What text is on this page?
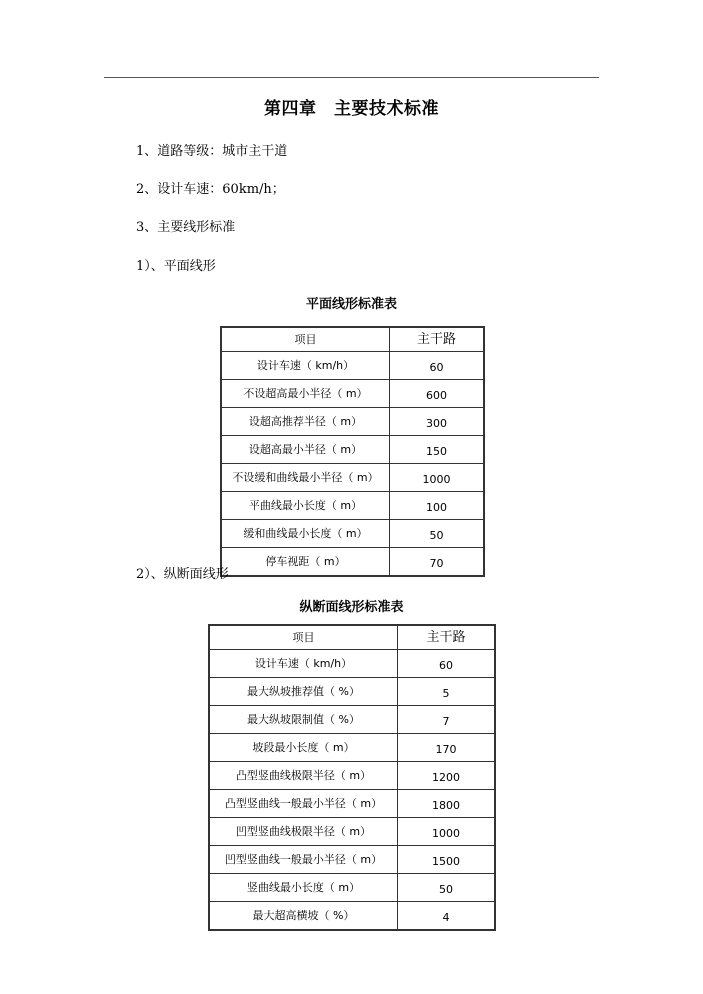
第四章　主要技术标准
1、道路等级：城市主干道
2、设计车速：60km/h；
3、主要线形标准
1）、平面线形
平面线形标准表
项目	主干路
设计车速（ km/h）	60
不设超高最小半径（ m）	600
设超高推荐半径（ m）	300
设超高最小半径（ m）	150
不设缓和曲线最小半径（ m）	1000
平曲线最小长度（ m）	100
缓和曲线最小长度（ m）	50
停车视距（ m）	70
2）、纵断面线形
纵断面线形标准表
项目	主干路
设计车速（ km/h）	60
最大纵坡推荐值（ %）	5
最大纵坡限制值（ %）	7
坡段最小长度（ m）	170
凸型竖曲线极限半径（ m）	1200
凸型竖曲线一般最小半径（ m）	1800
凹型竖曲线极限半径（ m）	1000
凹型竖曲线一般最小半径（ m）	1500
竖曲线最小长度（ m）	50
最大超高横坡（ %）	4
